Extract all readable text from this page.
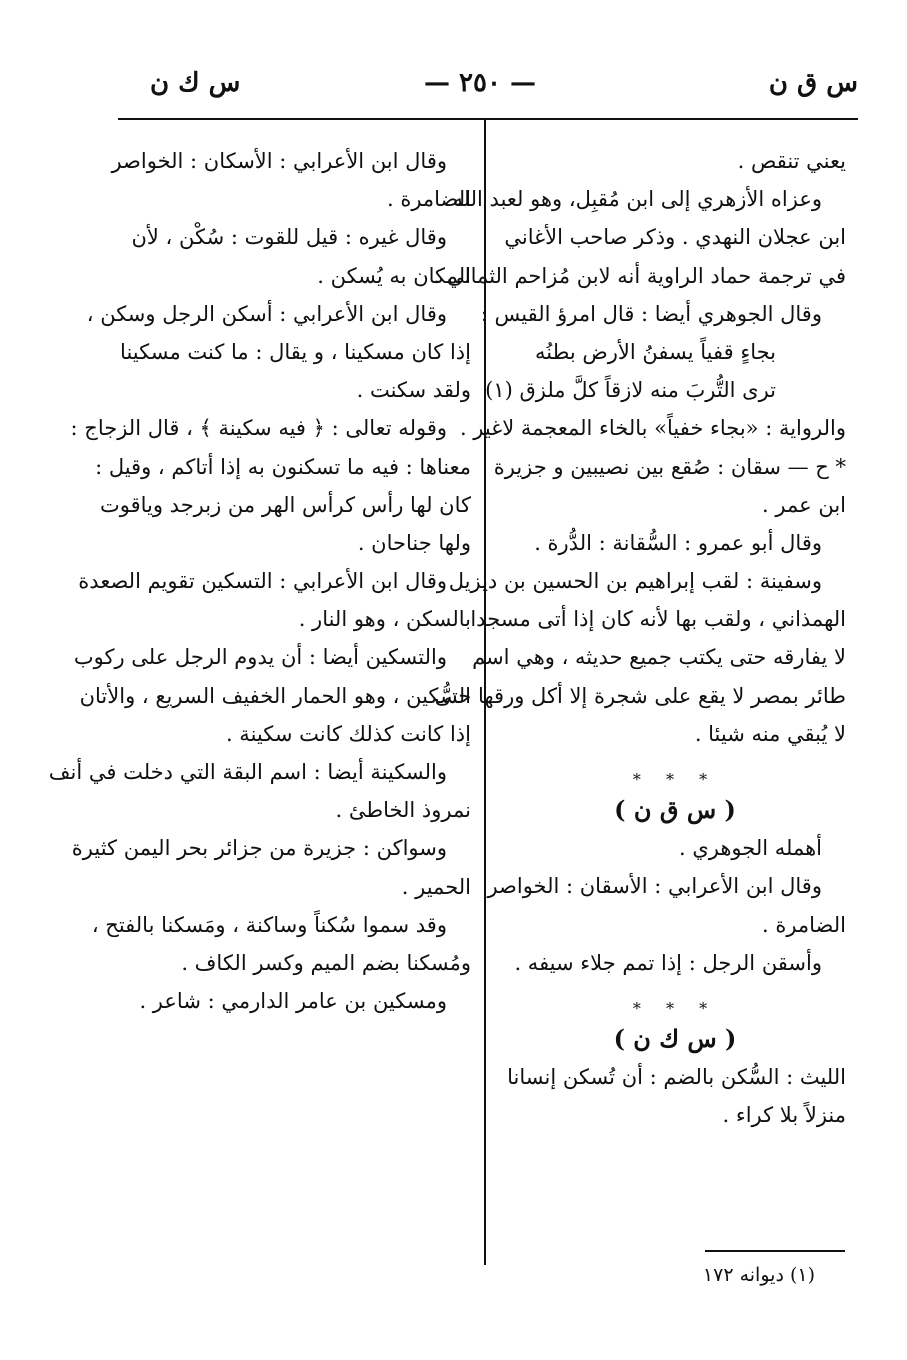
س ق ن
— ٢٥٠ —
س ك ن
يعني تنقص .
وعزاه الأزهري إلى ابن مُقبِل، وهو لعبد الله
ابن عجلان النهدي . وذكر صاحب الأغاني
في ترجمة حماد الراوية أنه لابن مُزاحم الثمالي .
وقال الجوهري أيضا : قال امرؤ القيس :
بجاءٍ قفياً يسفنُ الأرض بطنُه
ترى التُّربَ منه لازقاً كلَّ ملزق (١)
والرواية : «بجاء خفياً» بالخاء المعجمة لاغير .
* ح — سقان : صُقع بين نصيبين و جزيرة
ابن عمر .
وقال أبو عمرو : السُّقانة : الدُّرة .
وسفينة : لقب إبراهيم بن الحسين بن ديزيل
الهمذاني ، ولقب بها لأنه كان إذا أتى مسجدا
لا يفارقه حتى يكتب جميع حديثه ، وهي اسم
طائر بمصر لا يقع على شجرة إلا أكل ورقها حتى
لا يُبقي منه شيئا .
* * *
( س ق ن )
أهمله الجوهري .
وقال ابن الأعرابي : الأسقان : الخواصر
الضامرة .
وأسقن الرجل : إذا تمم جلاء سيفه .
* * *
( س ك ن )
الليث : السُّكن بالضم : أن تُسكن إنسانا
منزلاً بلا كراء .
وقال ابن الأعرابي : الأسكان : الخواصر
الضامرة .
وقال غيره : قيل للقوت : سُكْن ، لأن
المكان به يُسكن .
وقال ابن الأعرابي : أسكن الرجل وسكن ،
إذا كان مسكينا ، و يقال : ما كنت مسكينا
ولقد سكنت .
وقوله تعالى : ﴿ فيه سكينة ﴾ ، قال الزجاج :
معناها : فيه ما تسكنون به إذا أتاكم ، وقيل :
كان لها رأس كرأس الهر من زبرجد وياقوت
ولها جناحان .
وقال ابن الأعرابي : التسكين تقويم الصعدة
بالسكن ، وهو النار .
والتسكين أيضا : أن يدوم الرجل على ركوب
السُّكين ، وهو الحمار الخفيف السريع ، والأتان
إذا كانت كذلك كانت سكينة .
والسكينة أيضا : اسم البقة التي دخلت في أنف
نمروذ الخاطئ .
وسواكن : جزيرة من جزائر بحر اليمن كثيرة
الحمير .
وقد سموا سُكناً وساكنة ، ومَسكنا بالفتح ،
ومُسكنا بضم الميم وكسر الكاف .
ومسكين بن عامر الدارمي : شاعر .
(١) ديوانه ١٧٢
